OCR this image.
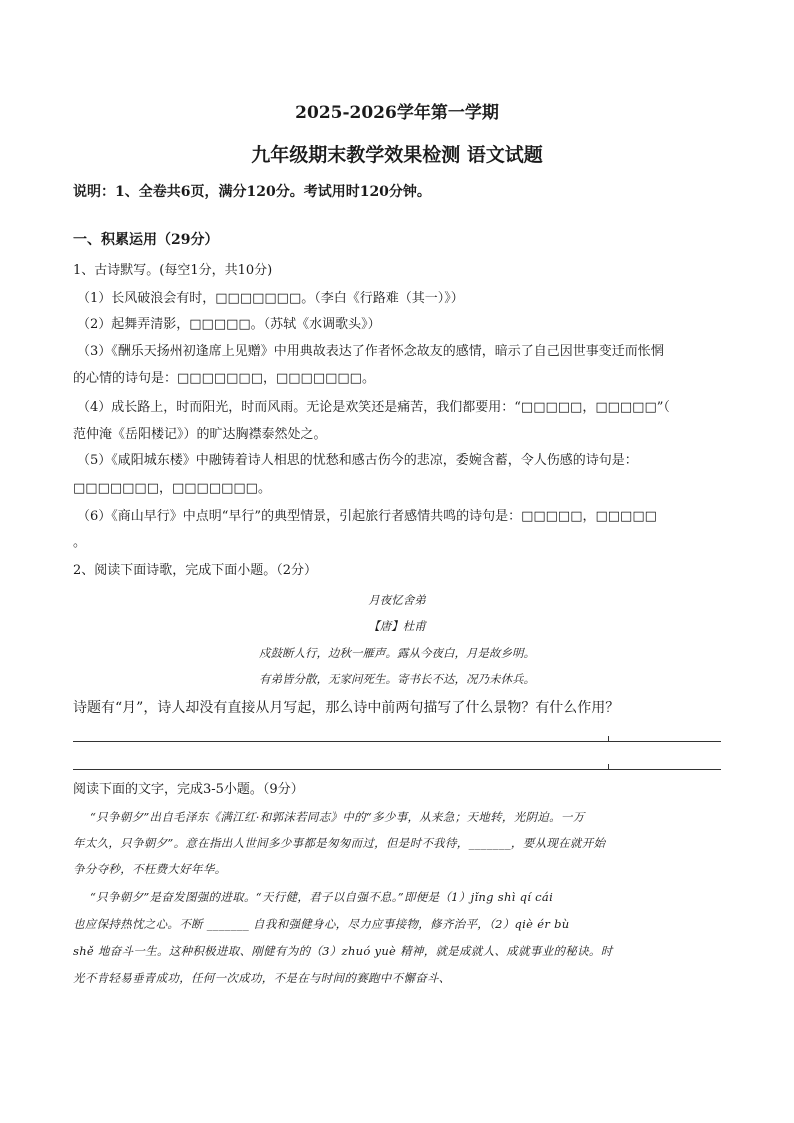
2025-2026学年第一学期
九年级期末教学效果检测 语文试题
说明：1、全卷共6页，满分120分。考试用时120分钟。
一、积累运用（29分）
1、古诗默写。(每空1分，共10分)
（1）长风破浪会有时，□□□□□□□。（李白《行路难（其一）》）
（2）起舞弄清影，□□□□□。（苏轼《水调歌头》）
（3）《酬乐天扬州初逢席上见赠》中用典故表达了作者怀念故友的感情，暗示了自己因世事变迁而怅惘
的心情的诗句是：□□□□□□□，□□□□□□□。
（4）成长路上，时而阳光，时而风雨。无论是欢笑还是痛苦，我们都要用：“□□□□□，□□□□□”（
范仲淹《岳阳楼记》）的旷达胸襟泰然处之。
（5）《咸阳城东楼》中融铸着诗人相思的忧愁和感古伤今的悲凉，委婉含蓄，令人伤感的诗句是：
□□□□□□□，□□□□□□□。
（6）《商山早行》中点明“早行”的典型情景，引起旅行者感情共鸣的诗句是：□□□□□，□□□□□
。
2、阅读下面诗歌，完成下面小题。（2分）
月夜忆舍弟
【唐】杜甫
戍鼓断人行，边秋一雁声。露从今夜白，月是故乡明。
有弟皆分散，无家问死生。寄书长不达，况乃未休兵。
诗题有“月”，诗人却没有直接从月写起，那么诗中前两句描写了什么景物？有什么作用？
阅读下面的文字，完成3-5小题。（9分）
“只争朝夕”出自毛泽东《满江红·和郭沫若同志》中的“多少事，从来急；天地转，光阴迫。一万
年太久，只争朝夕”。意在指出人世间多少事都是匆匆而过，但是时不我待，_______，要从现在就开始
争分夺秒，不枉费大好年华。
“只争朝夕”是奋发图强的进取。“天行健，君子以自强不息。”即便是（1）jǐng shì qí cái
也应保持热忱之心。不断 _______ 自我和强健身心，尽力应事接物，修齐治平，（2）qiè ér bù
shě 地奋斗一生。这种积极进取、刚健有为的（3）zhuó yuè 精神，就是成就人、成就事业的秘诀。时
光不肯轻易垂青成功，任何一次成功，不是在与时间的赛跑中不懈奋斗、
